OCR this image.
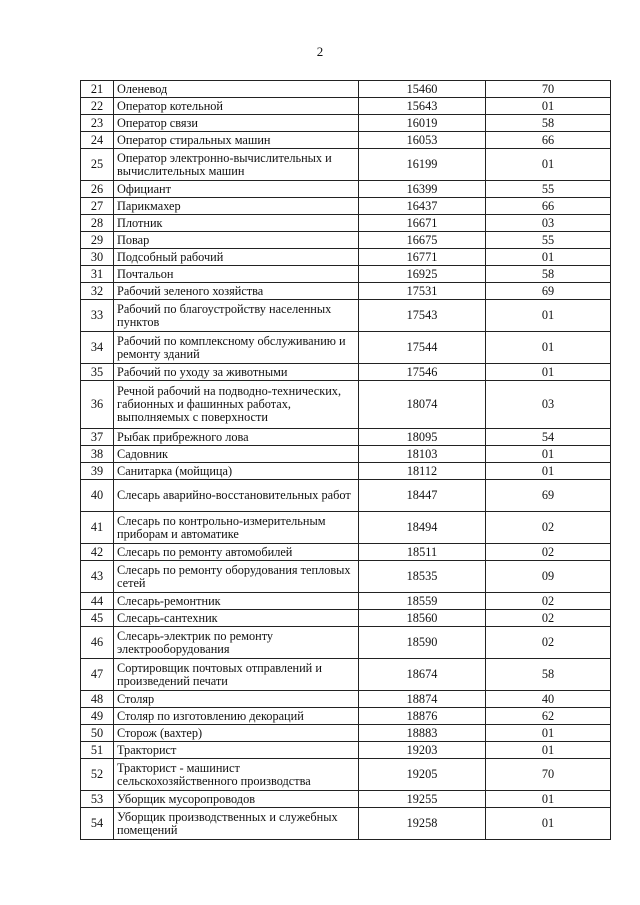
2
21	Оленевод	15460	70
22	Оператор котельной	15643	01
23	Оператор связи	16019	58
24	Оператор стиральных машин	16053	66
25	Оператор электронно-вычислительных и вычислительных машин	16199	01
26	Официант	16399	55
27	Парикмахер	16437	66
28	Плотник	16671	03
29	Повар	16675	55
30	Подсобный рабочий	16771	01
31	Почтальон	16925	58
32	Рабочий зеленого хозяйства	17531	69
33	Рабочий по благоустройству населенных пунктов	17543	01
34	Рабочий по комплексному обслуживанию и ремонту зданий	17544	01
35	Рабочий по уходу за животными	17546	01
36	Речной рабочий на подводно-технических, габионных и фашинных работах, выполняемых с поверхности	18074	03
37	Рыбак прибрежного лова	18095	54
38	Садовник	18103	01
39	Санитарка (мойщица)	18112	01
40	Слесарь аварийно-восстановительных работ	18447	69
41	Слесарь по контрольно-измерительным приборам и автоматике	18494	02
42	Слесарь по ремонту автомобилей	18511	02
43	Слесарь по ремонту оборудования тепловых сетей	18535	09
44	Слесарь-ремонтник	18559	02
45	Слесарь-сантехник	18560	02
46	Слесарь-электрик по ремонту электрооборудования	18590	02
47	Сортировщик почтовых отправлений и произведений печати	18674	58
48	Столяр	18874	40
49	Столяр по изготовлению декораций	18876	62
50	Сторож (вахтер)	18883	01
51	Тракторист	19203	01
52	Тракторист - машинист сельскохозяйственного производства	19205	70
53	Уборщик мусоропроводов	19255	01
54	Уборщик производственных и служебных помещений	19258	01
